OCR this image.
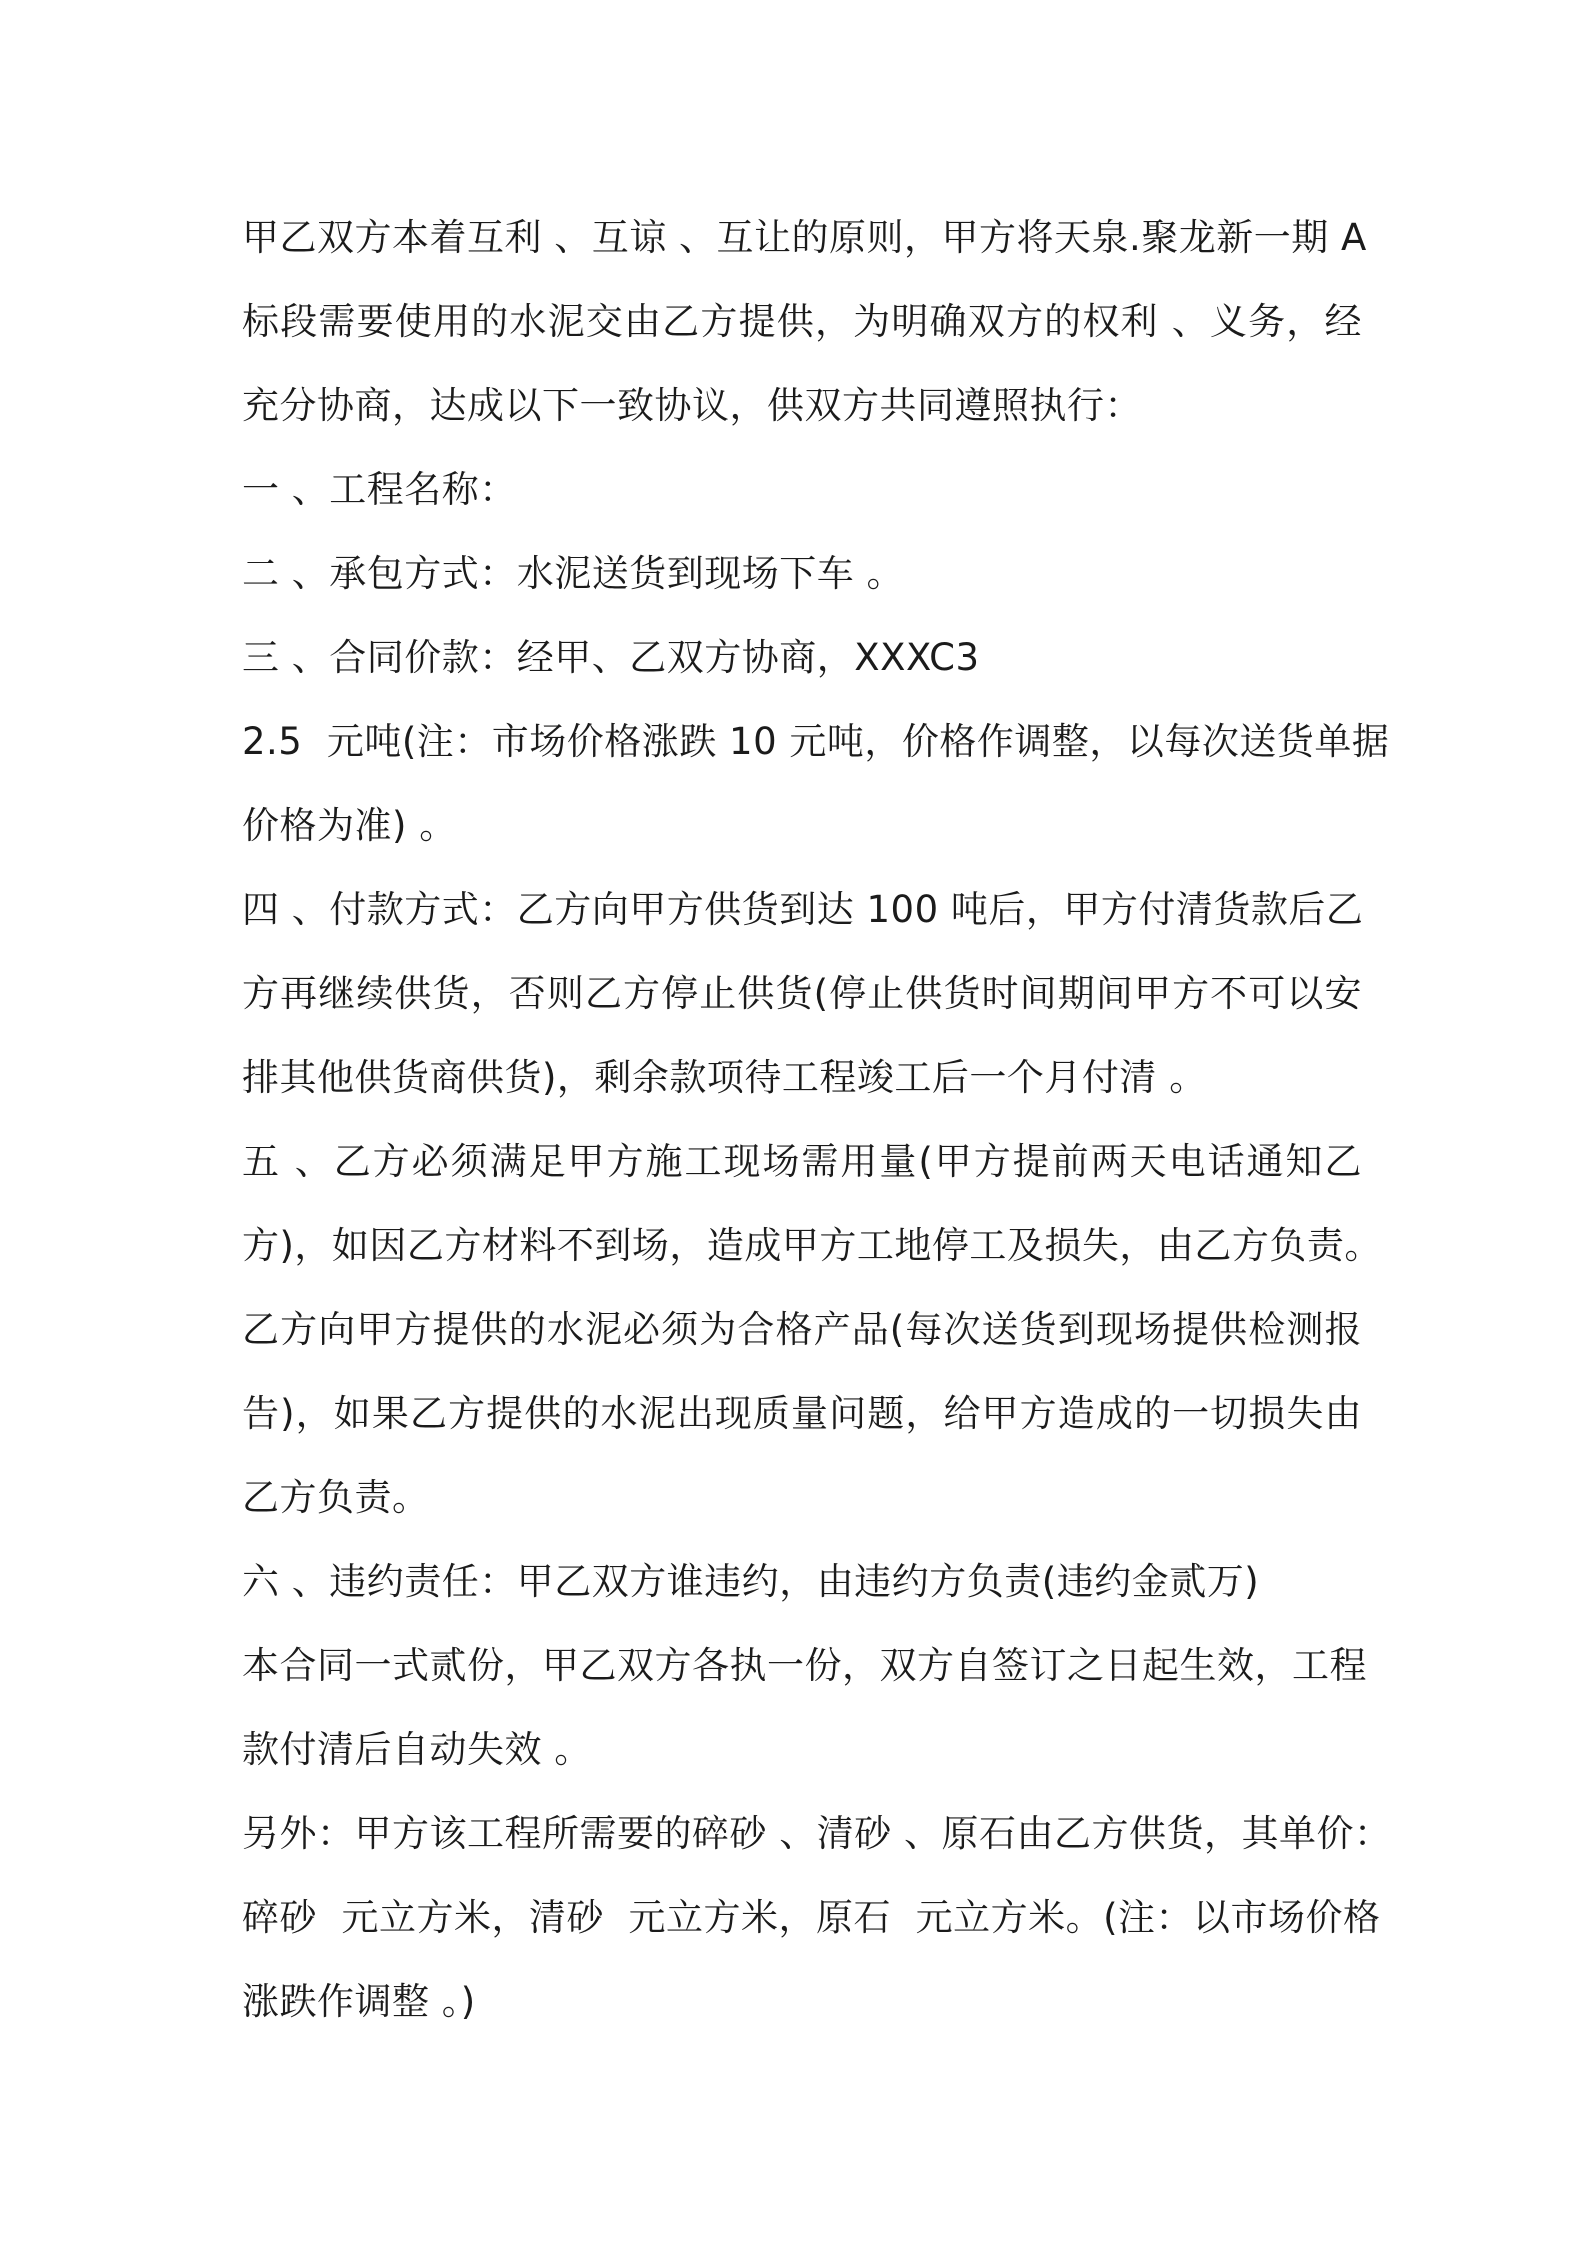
甲乙双方本着互利 、互谅 、互让的原则，甲方将天泉.聚龙新一期 A
标段需要使用的水泥交由乙方提供，为明确双方的权利 、义务，经
充分协商，达成以下一致协议，供双方共同遵照执行：
一 、工程名称：
二 、承包方式：水泥送货到现场下车 。
三 、合同价款：经甲、乙双方协商，XXXC3
2.5  元吨(注：市场价格涨跌 10 元吨，价格作调整，以每次送货单据
价格为准) 。
四 、付款方式：乙方向甲方供货到达 100 吨后，甲方付清货款后乙
方再继续供货，否则乙方停止供货(停止供货时间期间甲方不可以安
排其他供货商供货)，剩余款项待工程竣工后一个月付清 。
五 、乙方必须满足甲方施工现场需用量(甲方提前两天电话通知乙
方)，如因乙方材料不到场，造成甲方工地停工及损失，由乙方负责。
乙方向甲方提供的水泥必须为合格产品(每次送货到现场提供检测报
告)，如果乙方提供的水泥出现质量问题，给甲方造成的一切损失由
乙方负责。
六 、违约责任：甲乙双方谁违约，由违约方负责(违约金贰万)
本合同一式贰份，甲乙双方各执一份，双方自签订之日起生效，工程
款付清后自动失效 。
另外：甲方该工程所需要的碎砂 、清砂 、原石由乙方供货，其单价：
碎砂  元立方米，清砂  元立方米，原石  元立方米。(注：以市场价格
涨跌作调整 。)
